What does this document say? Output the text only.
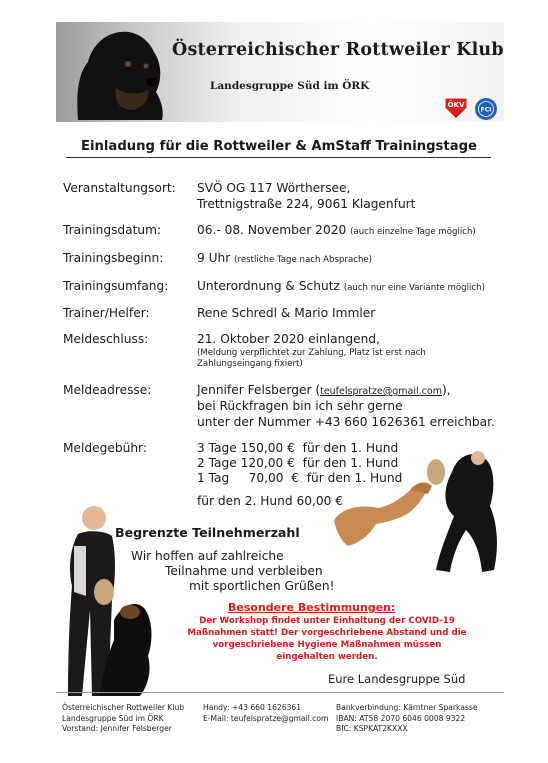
Österreichischer Rottweiler Klub
Landesgruppe Süd im ÖRK
ÖKV
FCI
Einladung für die Rottweiler & AmStaff Trainingstage
Veranstaltungsort: SVÖ OG 117 Wörthersee,
Trettnigstraße 224, 9061 Klagenfurt
Trainingsdatum:	06.- 08. November 2020 (auch einzelne Tage möglich)
Trainingsbeginn:	9 Uhr (restliche Tage nach Absprache)
Trainingsumfang: Unterordnung & Schutz (auch nur eine Variante möglich)
Trainer/Helfer:	Rene Schredl & Mario Immler
Meldeschluss:	21. Oktober 2020 einlangend,
(Meldung verpflichtet zur Zahlung, Platz ist erst nach
Zahlungseingang fixiert)
Meldeadresse:	Jennifer Felsberger (teufelspratze@gmail.com),
bei Rückfragen bin ich sehr gerne
unter der Nummer +43 660 1626361 erreichbar.
Meldegebühr:	3 Tage 150,00 €  für den 1. Hund
2 Tage 120,00 €  für den 1. Hund
1 Tag     70,00  €  für den 1. Hund
für den 2. Hund 60,00 €
Begrenzte Teilnehmerzahl
Wir hoffen auf zahlreiche
Teilnahme und verbleiben
mit sportlichen Grüßen!
Besondere Bestimmungen:
Der Workshop findet unter Einhaltung der COVID-19
Maßnahmen statt! Der vorgeschriebene Abstand und die
vorgeschriebene Hygiene Maßnahmen müssen
eingehalten werden.
Eure Landesgruppe Süd
Österreichischer Rottweiler Klub
Landesgruppe Süd im ÖRK
Vorstand: Jennifer Felsberger
Handy: +43 660 1626361
E-Mail: teufelspratze@gmail.com
Bankverbindung: Kärntner Sparkasse
IBAN: AT58 2070 6046 0008 9322
BIC: KSPKAT2KXXX
